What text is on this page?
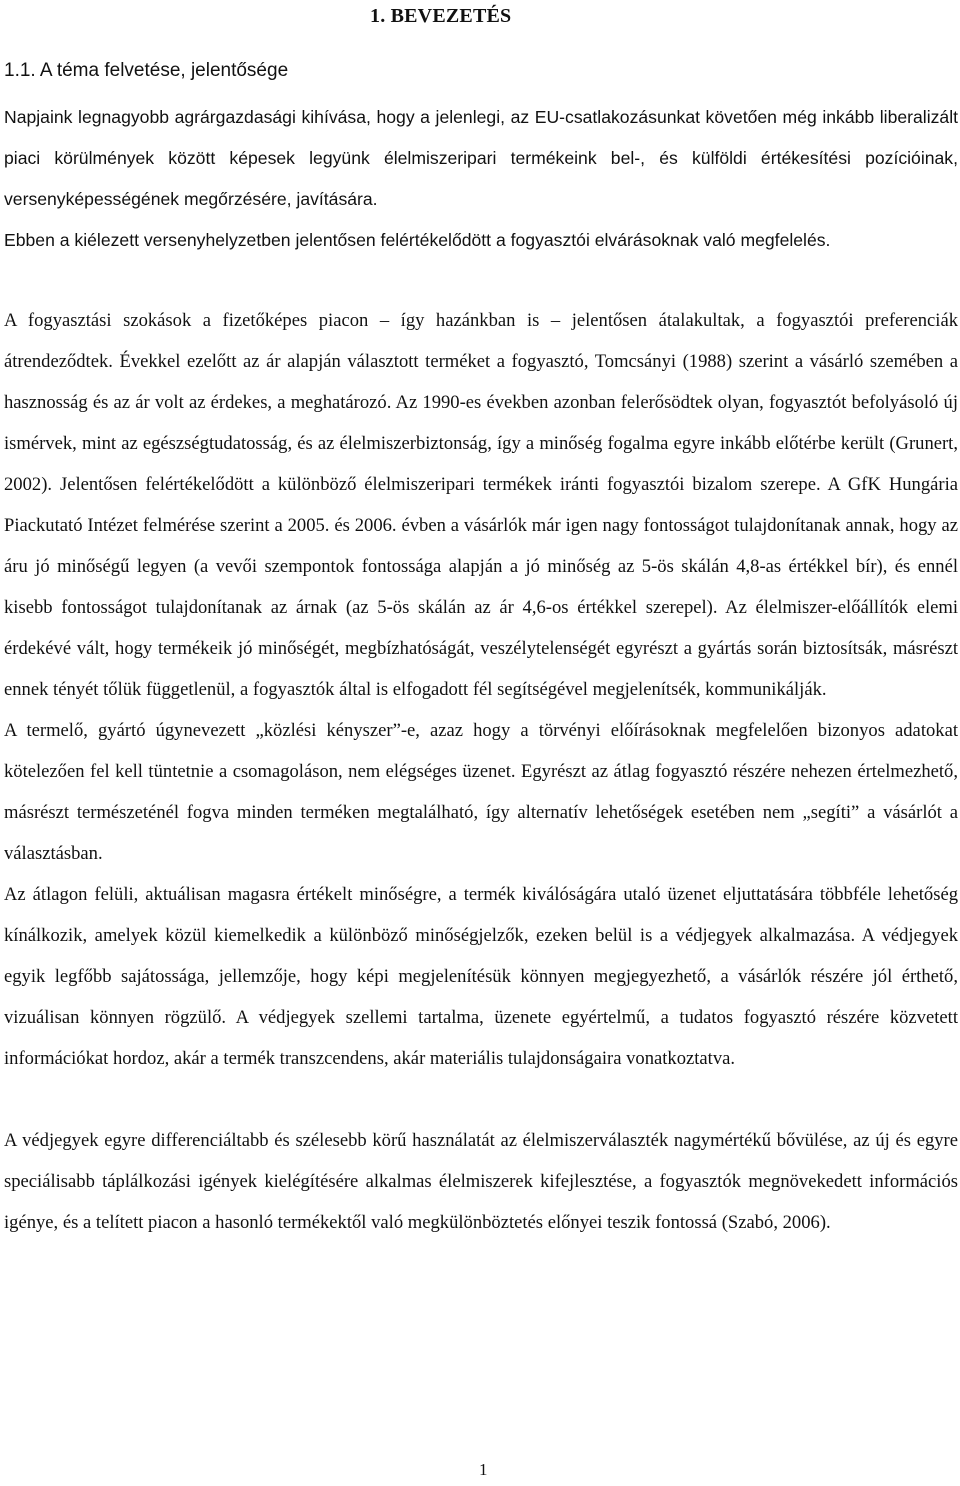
1. BEVEZETÉS
1.1. A téma felvetése, jelentősége

Napjaink legnagyobb agrárgazdasági kihívása, hogy a jelenlegi, az EU-csatlakozásunkat követően még inkább liberalizált piaci körülmények között képesek legyünk élelmiszeripari termékeink bel-, és külföldi értékesítési pozícióinak, versenyképességének megőrzésére, javítására.

Ebben a kiélezett versenyhelyzetben jelentősen felértékelődött a fogyasztói elvárásoknak való megfelelés.

A fogyasztási szokások a fizetőképes piacon – így hazánkban is – jelentősen átalakultak, a fogyasztói preferenciák átrendeződtek. Évekkel ezelőtt az ár alapján választott terméket a fogyasztó, Tomcsányi (1988) szerint a vásárló szemében a hasznosság és az ár volt az érdekes, a meghatározó. Az 1990-es években azonban felerősödtek olyan, fogyasztót befolyásoló új ismérvek, mint az egészségtudatosság, és az élelmiszerbiztonság, így a minőség fogalma egyre inkább előtérbe került (Grunert, 2002). Jelentősen felértékelődött a különböző élelmiszeripari termékek iránti fogyasztói bizalom szerepe. A GfK Hungária Piackutató Intézet felmérése szerint a 2005. és 2006. évben a vásárlók már igen nagy fontosságot tulajdonítanak annak, hogy az áru jó minőségű legyen (a vevői szempontok fontossága alapján a jó minőség az 5-ös skálán 4,8-as értékkel bír), és ennél kisebb fontosságot tulajdonítanak az árnak (az 5-ös skálán az ár 4,6-os értékkel szerepel). Az élelmiszer-előállítók elemi érdekévé vált, hogy termékeik jó minőségét, megbízhatóságát, veszélytelenségét egyrészt a gyártás során biztosítsák, másrészt ennek tényét tőlük függetlenül, a fogyasztók által is elfogadott fél segítségével megjelenítsék, kommunikálják.

A termelő, gyártó úgynevezett „közlési kényszer”-e, azaz hogy a törvényi előírásoknak megfelelően bizonyos adatokat kötelezően fel kell tüntetnie a csomagoláson, nem elégséges üzenet. Egyrészt az átlag fogyasztó részére nehezen értelmezhető, másrészt természeténél fogva minden terméken megtalálható, így alternatív lehetőségek esetében nem „segíti” a vásárlót a választásban.

Az átlagon felüli, aktuálisan magasra értékelt minőségre, a termék kiválóságára utaló üzenet eljuttatására többféle lehetőség kínálkozik, amelyek közül kiemelkedik a különböző minőségjelzők, ezeken belül is a védjegyek alkalmazása. A védjegyek egyik legfőbb sajátossága, jellemzője, hogy képi megjelenítésük könnyen megjegyezhető, a vásárlók részére jól érthető, vizuálisan könnyen rögzülő. A védjegyek szellemi tartalma, üzenete egyértelmű, a tudatos fogyasztó részére közvetett információkat hordoz, akár a termék transzcendens, akár materiális tulajdonságaira vonatkoztatva.

A védjegyek egyre differenciáltabb és szélesebb körű használatát az élelmiszerválaszték nagymértékű bővülése, az új és egyre speciálisabb táplálkozási igények kielégítésére alkalmas élelmiszerek kifejlesztése, a fogyasztók megnövekedett információs igénye, és a telített piacon a hasonló termékektől való megkülönböztetés előnyei teszik fontossá (Szabó, 2006).

1
